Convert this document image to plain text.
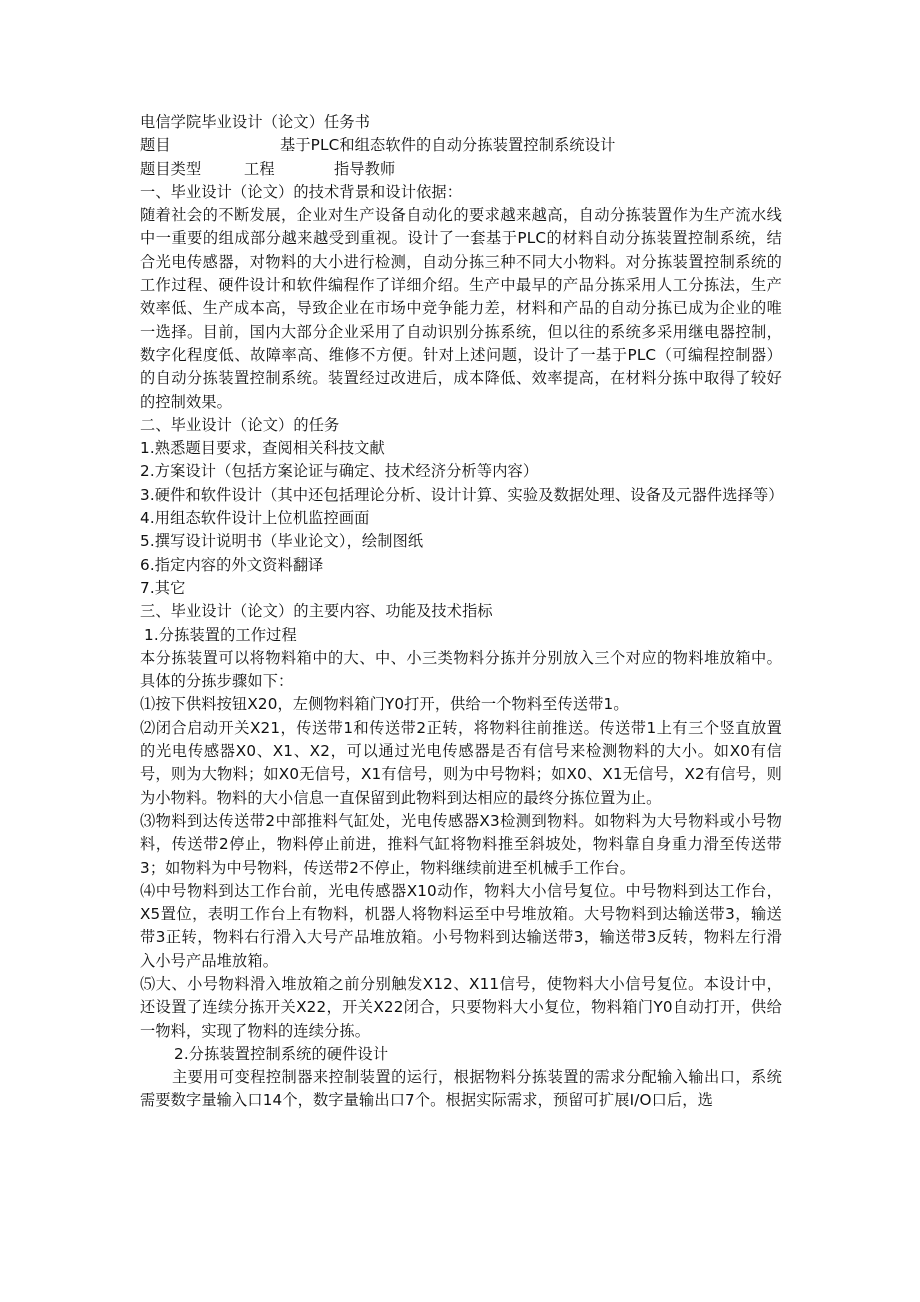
电信学院毕业设计（论文）任务书

题目	基于PLC和组态软件的自动分拣装置控制系统设计

题目类型	工程	指导教师

一、毕业设计（论文）的技术背景和设计依据：

随着社会的不断发展，企业对生产设备自动化的要求越来越高，自动分拣装置作为生产流水线中一重要的组成部分越来越受到重视。设计了一套基于PLC的材料自动分拣装置控制系统，结合光电传感器，对物料的大小进行检测，自动分拣三种不同大小物料。对分拣装置控制系统的工作过程、硬件设计和软件编程作了详细介绍。生产中最早的产品分拣采用人工分拣法，生产效率低、生产成本高，导致企业在市场中竞争能力差，材料和产品的自动分拣已成为企业的唯一选择。目前，国内大部分企业采用了自动识别分拣系统，但以往的系统多采用继电器控制，数字化程度低、故障率高、维修不方便。针对上述问题，设计了一基于PLC（可编程控制器）的自动分拣装置控制系统。装置经过改进后，成本降低、效率提高，在材料分拣中取得了较好的控制效果。

二、毕业设计（论文）的任务

1.熟悉题目要求，查阅相关科技文献

2.方案设计（包括方案论证与确定、技术经济分析等内容）

3.硬件和软件设计（其中还包括理论分析、设计计算、实验及数据处理、设备及元器件选择等）

4.用组态软件设计上位机监控画面

5.撰写设计说明书（毕业论文），绘制图纸

6.指定内容的外文资料翻译

7.其它

三、毕业设计（论文）的主要内容、功能及技术指标

1.分拣装置的工作过程

本分拣装置可以将物料箱中的大、中、小三类物料分拣并分别放入三个对应的物料堆放箱中。具体的分拣步骤如下：

⑴按下供料按钮X20，左侧物料箱门Y0打开，供给一个物料至传送带1。

⑵闭合启动开关X21，传送带1和传送带2正转，将物料往前推送。传送带1上有三个竖直放置的光电传感器X0、X1、X2，可以通过光电传感器是否有信号来检测物料的大小。如X0有信号，则为大物料；如X0无信号，X1有信号，则为中号物料；如X0、X1无信号，X2有信号，则为小物料。物料的大小信息一直保留到此物料到达相应的最终分拣位置为止。

⑶物料到达传送带2中部推料气缸处，光电传感器X3检测到物料。如物料为大号物料或小号物料，传送带2停止，物料停止前进，推料气缸将物料推至斜坡处，物料靠自身重力滑至传送带3；如物料为中号物料，传送带2不停止，物料继续前进至机械手工作台。

⑷中号物料到达工作台前，光电传感器X10动作，物料大小信号复位。中号物料到达工作台，X5置位，表明工作台上有物料，机器人将物料运至中号堆放箱。大号物料到达输送带3，输送带3正转，物料右行滑入大号产品堆放箱。小号物料到达输送带3，输送带3反转，物料左行滑入小号产品堆放箱。

⑸大、小号物料滑入堆放箱之前分别触发X12、X11信号，使物料大小信号复位。本设计中，还设置了连续分拣开关X22，开关X22闭合，只要物料大小复位，物料箱门Y0自动打开，供给一物料，实现了物料的连续分拣。

2.分拣装置控制系统的硬件设计

主要用可变程控制器来控制装置的运行，根据物料分拣装置的需求分配输入输出口，系统需要数字量输入口14个，数字量输出口7个。根据实际需求，预留可扩展I/O口后，选
